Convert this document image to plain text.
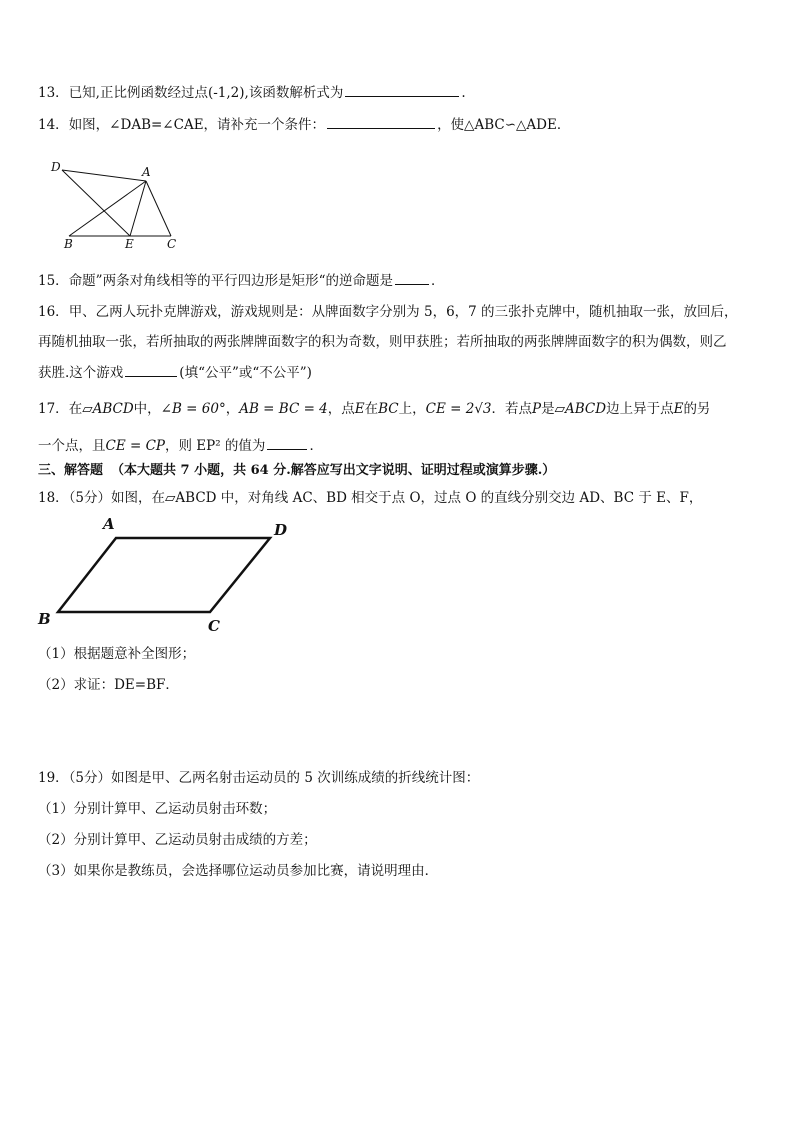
13．已知,正比例函数经过点(-1,2),该函数解析式为	.
14．如图，∠DAB=∠CAE，请补充一个条件：	，使△ABC∽△ADE．
D	A
B	E	C
15．命题”两条对角线相等的平行四边形是矩形“的逆命题是	．
16．甲、乙两人玩扑克牌游戏，游戏规则是：从牌面数字分别为 5，6，7 的三张扑克牌中，随机抽取一张，放回后，
再随机抽取一张，若所抽取的两张牌牌面数字的积为奇数，则甲获胜；若所抽取的两张牌牌面数字的积为偶数，则乙
获胜.这个游戏	(填“公平”或“不公平”)
17．在▱ABCD中，∠B = 60°，AB = BC = 4，点E在BC上，CE = 2√3．若点P是▱ABCD边上异于点E的另
一个点，且CE = CP，则 EP² 的值为	．
三、解答题 （本大题共 7 小题，共 64 分.解答应写出文字说明、证明过程或演算步骤.）
18．（5分）如图，在▱ABCD 中，对角线 AC、BD 相交于点 O，过点 O 的直线分别交边 AD、BC 于 E、F，
A	D
B	C
（1）根据题意补全图形；
（2）求证：DE=BF．
19．（5分）如图是甲、乙两名射击运动员的 5 次训练成绩的折线统计图：
（1）分别计算甲、乙运动员射击环数；
（2）分别计算甲、乙运动员射击成绩的方差；
（3）如果你是教练员，会选择哪位运动员参加比赛，请说明理由．
